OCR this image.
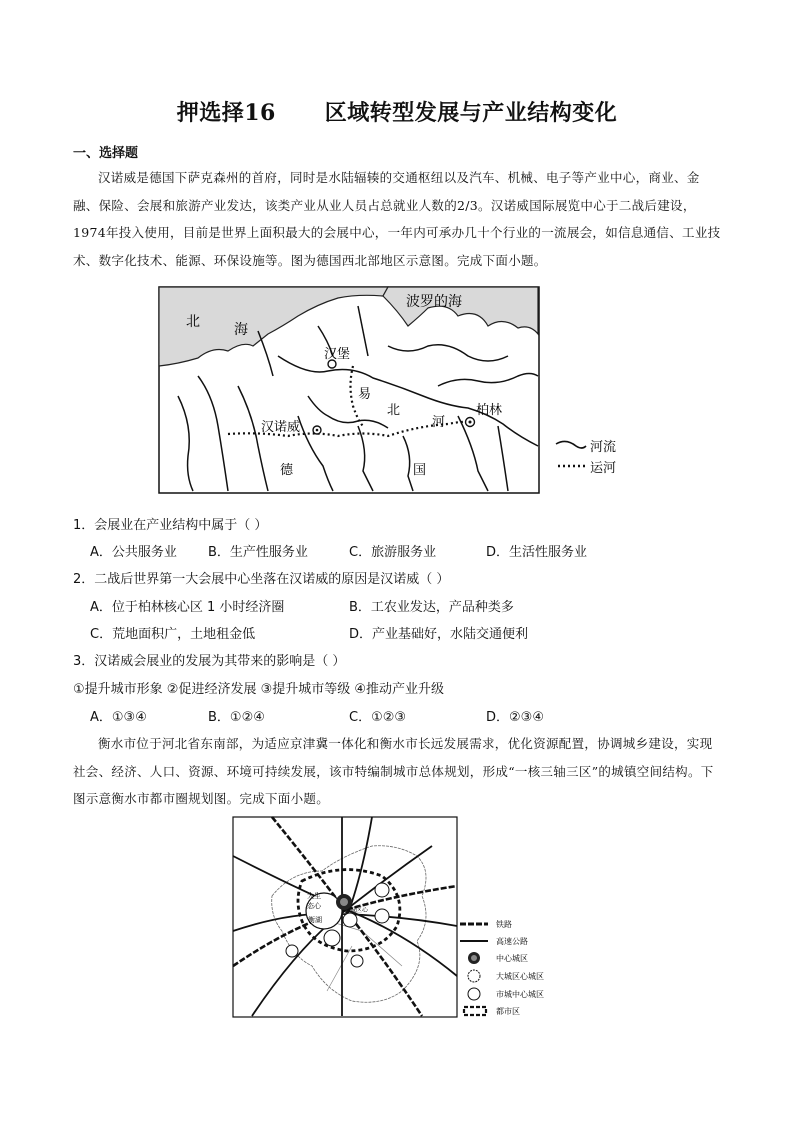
押选择16      区域转型发展与产业结构变化
一、选择题
汉诺威是德国下萨克森州的首府，同时是水陆辐辏的交通枢纽以及汽车、机械、电子等产业中心，商业、金融、保险、会展和旅游产业发达，该类产业从业人员占总就业人数的2/3。汉诺威国际展览中心于二战后建设，1974年投入使用，目前是世界上面积最大的会展中心，一年内可承办几十个行业的一流展会，如信息通信、工业技术、数字化技术、能源、环保设施等。图为德国西北部地区示意图。完成下面小题。
北 海
波罗的海
汉堡
易
北
河
柏林
汉诺威
德	国
河流
运河
1．会展业在产业结构中属于（ ）
A．公共服务业 B．生产性服务业	C．旅游服务业	D．生活性服务业
2．二战后世界第一大会展中心坐落在汉诺威的原因是汉诺威（ ）
A．位于柏林核心区 1 小时经济圈	B．工农业发达，产品种类多
C．荒地面积广，土地租金低	D．产业基础好，水陆交通便利
3．汉诺威会展业的发展为其带来的影响是（ ）
①提升城市形象 ②促进经济发展 ③提升城市等级 ④推动产业升级
A．①③④	B．①②④	C．①②③	D．②③④
衡水市位于河北省东南部，为适应京津冀一体化和衡水市长远发展需求，优化资源配置，协调城乡建设，实现社会、经济、人口、资源、环境可持续发展，该市特编制城市总体规划，形成“一核三轴三区”的城镇空间结构。下图示意衡水市都市圈规划图。完成下面小题。
大生
态心
衡湖
城区心
铁路
高速公路
中心城区
大城区心城区
市城中心城区
都市区
